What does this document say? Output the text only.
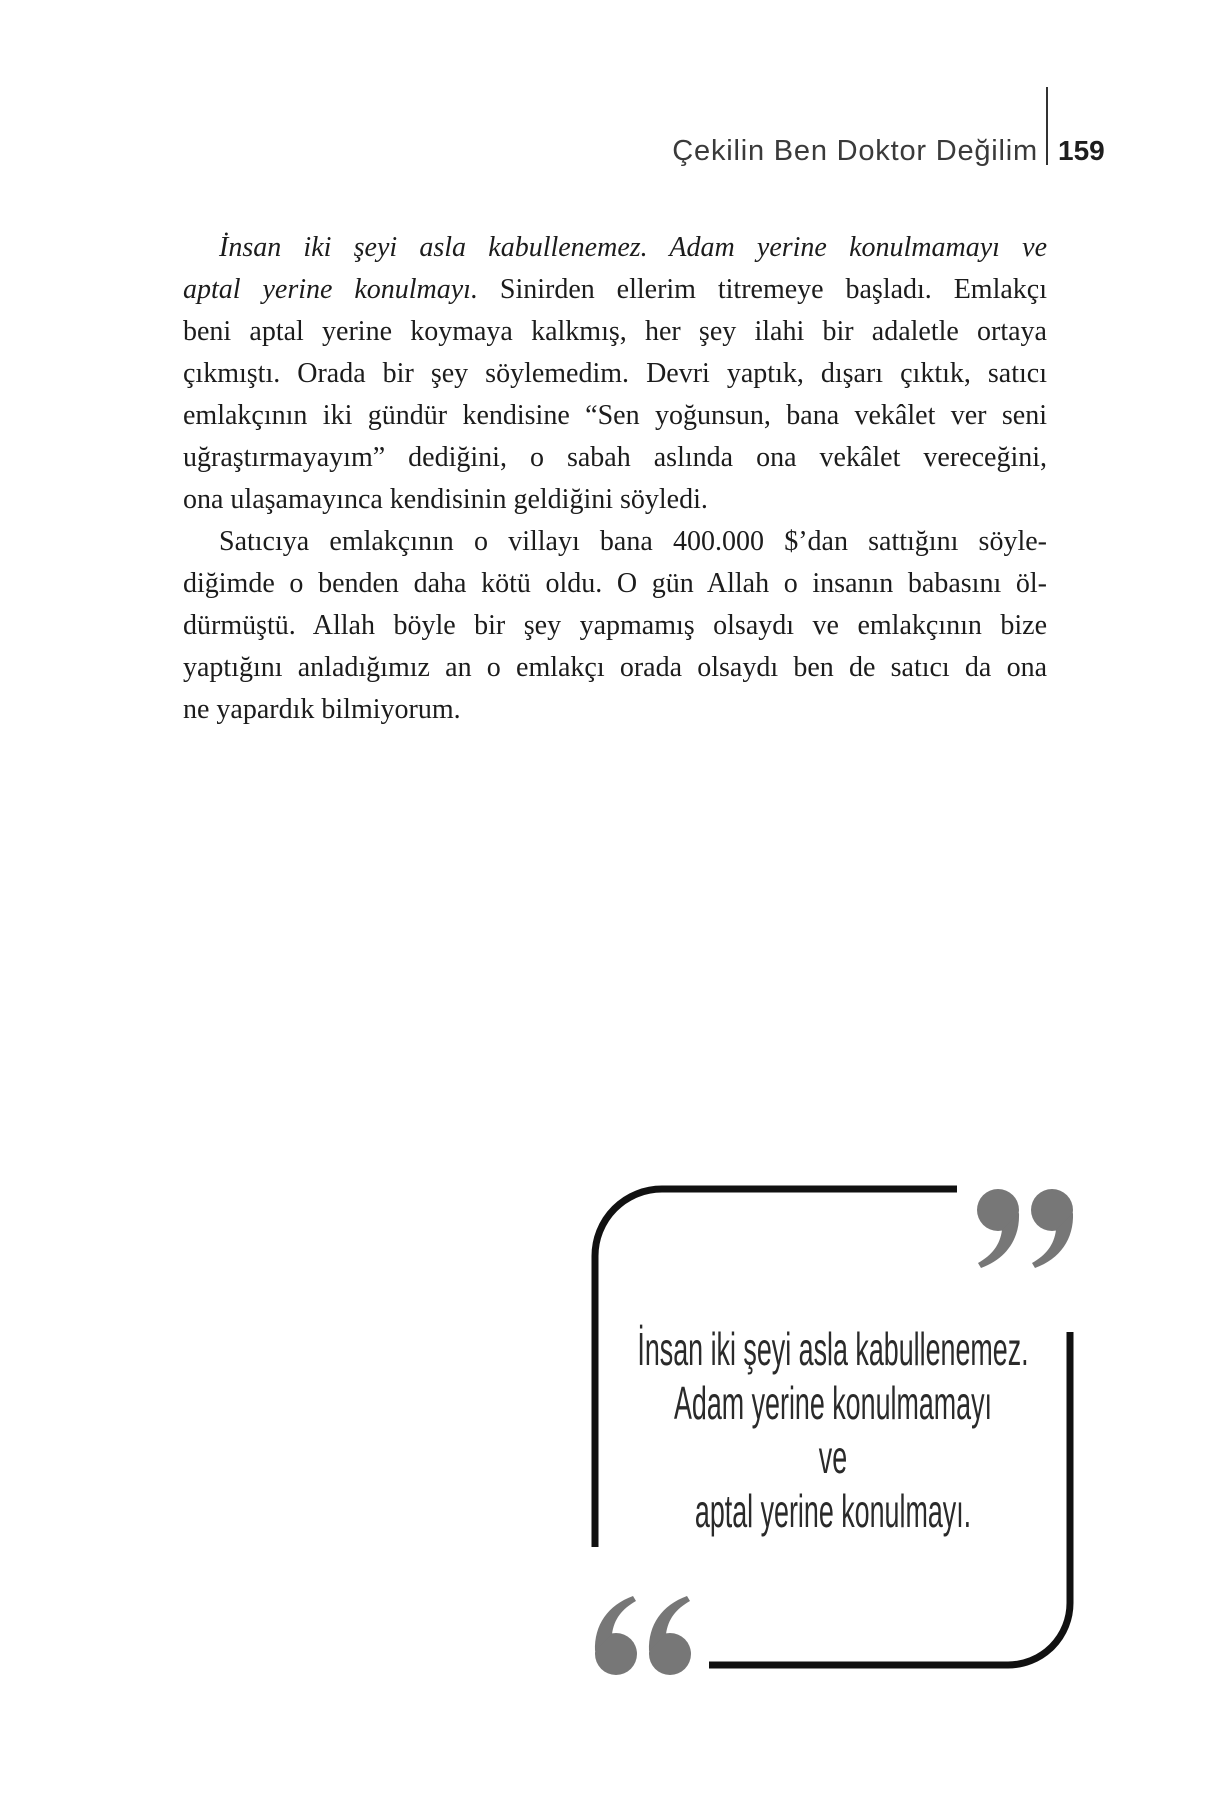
Çekilin Ben Doktor Değilim 159
İnsan iki şeyi asla kabullenemez. Adam yerine konulmamayı ve
aptal yerine konulmayı. Sinirden ellerim titremeye başladı. Emlakçı
beni aptal yerine koymaya kalkmış, her şey ilahi bir adaletle ortaya
çıkmıştı. Orada bir şey söylemedim. Devri yaptık, dışarı çıktık, satıcı
emlakçının iki gündür kendisine “Sen yoğunsun, bana vekâlet ver seni
uğraştırmayayım” dediğini, o sabah aslında ona vekâlet vereceğini,
ona ulaşamayınca kendisinin geldiğini söyledi.
Satıcıya emlakçının o villayı bana 400.000 $’dan sattığını söyle-
diğimde o benden daha kötü oldu. O gün Allah o insanın babasını öl-
dürmüştü. Allah böyle bir şey yapmamış olsaydı ve emlakçının bize
yaptığını anladığımız an o emlakçı orada olsaydı ben de satıcı da ona
ne yapardık bilmiyorum.
İnsan iki şeyi asla kabullenemez.
Adam yerine konulmamayı
ve
aptal yerine konulmayı.
